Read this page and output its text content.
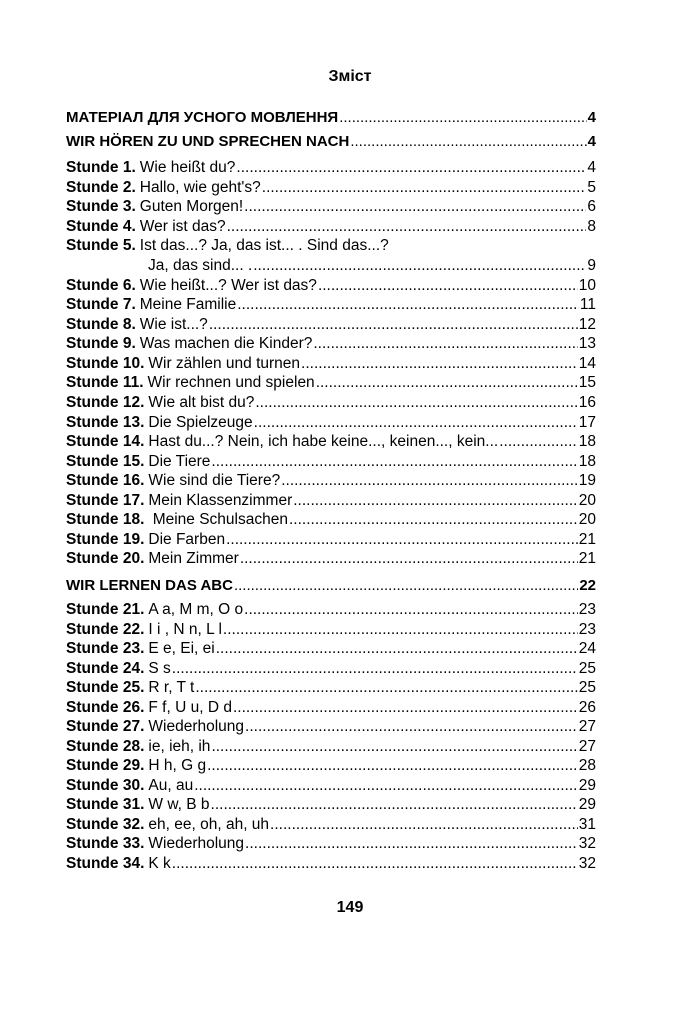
Зміст
МАТЕРІАЛ ДЛЯ УСНОГО МОВЛЕННЯ .....	4
WIR HÖREN ZU UND SPRECHEN NACH .....	4
Stunde 1. Wie heißt du? .....	4
Stunde 2. Hallo, wie geht's? .....	5
Stunde 3. Guten Morgen! .....	6
Stunde 4. Wer ist das? .....	8
Stunde 5. Ist das...? Ja, das ist... . Sind das...?
Ja, das sind... . .....	9
Stunde 6. Wie heißt...? Wer ist das? .....	10
Stunde 7. Meine Familie .....	11
Stunde 8. Wie ist...? .....	12
Stunde 9. Was machen die Kinder? .....	13
Stunde 10. Wir zählen und turnen .....	14
Stunde 11. Wir rechnen und spielen .....	15
Stunde 12. Wie alt bist du? .....	16
Stunde 13. Die Spielzeuge .....	17
Stunde 14. Hast du...? Nein, ich habe keine..., keinen..., kein... .....	18
Stunde 15. Die Tiere .....	18
Stunde 16. Wie sind die Tiere? .....	19
Stunde 17. Mein Klassenzimmer .....	20
Stunde 18. Meine Schulsachen .....	20
Stunde 19. Die Farben .....	21
Stunde 20. Mein Zimmer .....	21
WIR LERNEN DAS ABC .....	22
Stunde 21. A a, M m, O o .....	23
Stunde 22. I i , N n, L l .....	23
Stunde 23. E e, Ei, ei .....	24
Stunde 24. S s .....	25
Stunde 25. R r, T t .....	25
Stunde 26. F f, U u, D d .....	26
Stunde 27. Wiederholung .....	27
Stunde 28. ie, ieh, ih .....	27
Stunde 29. H h, G g .....	28
Stunde 30. Au, au .....	29
Stunde 31. W w, B b .....	29
Stunde 32. eh, ee, oh, ah, uh .....	31
Stunde 33. Wiederholung .....	32
Stunde 34. K k .....	32
149
